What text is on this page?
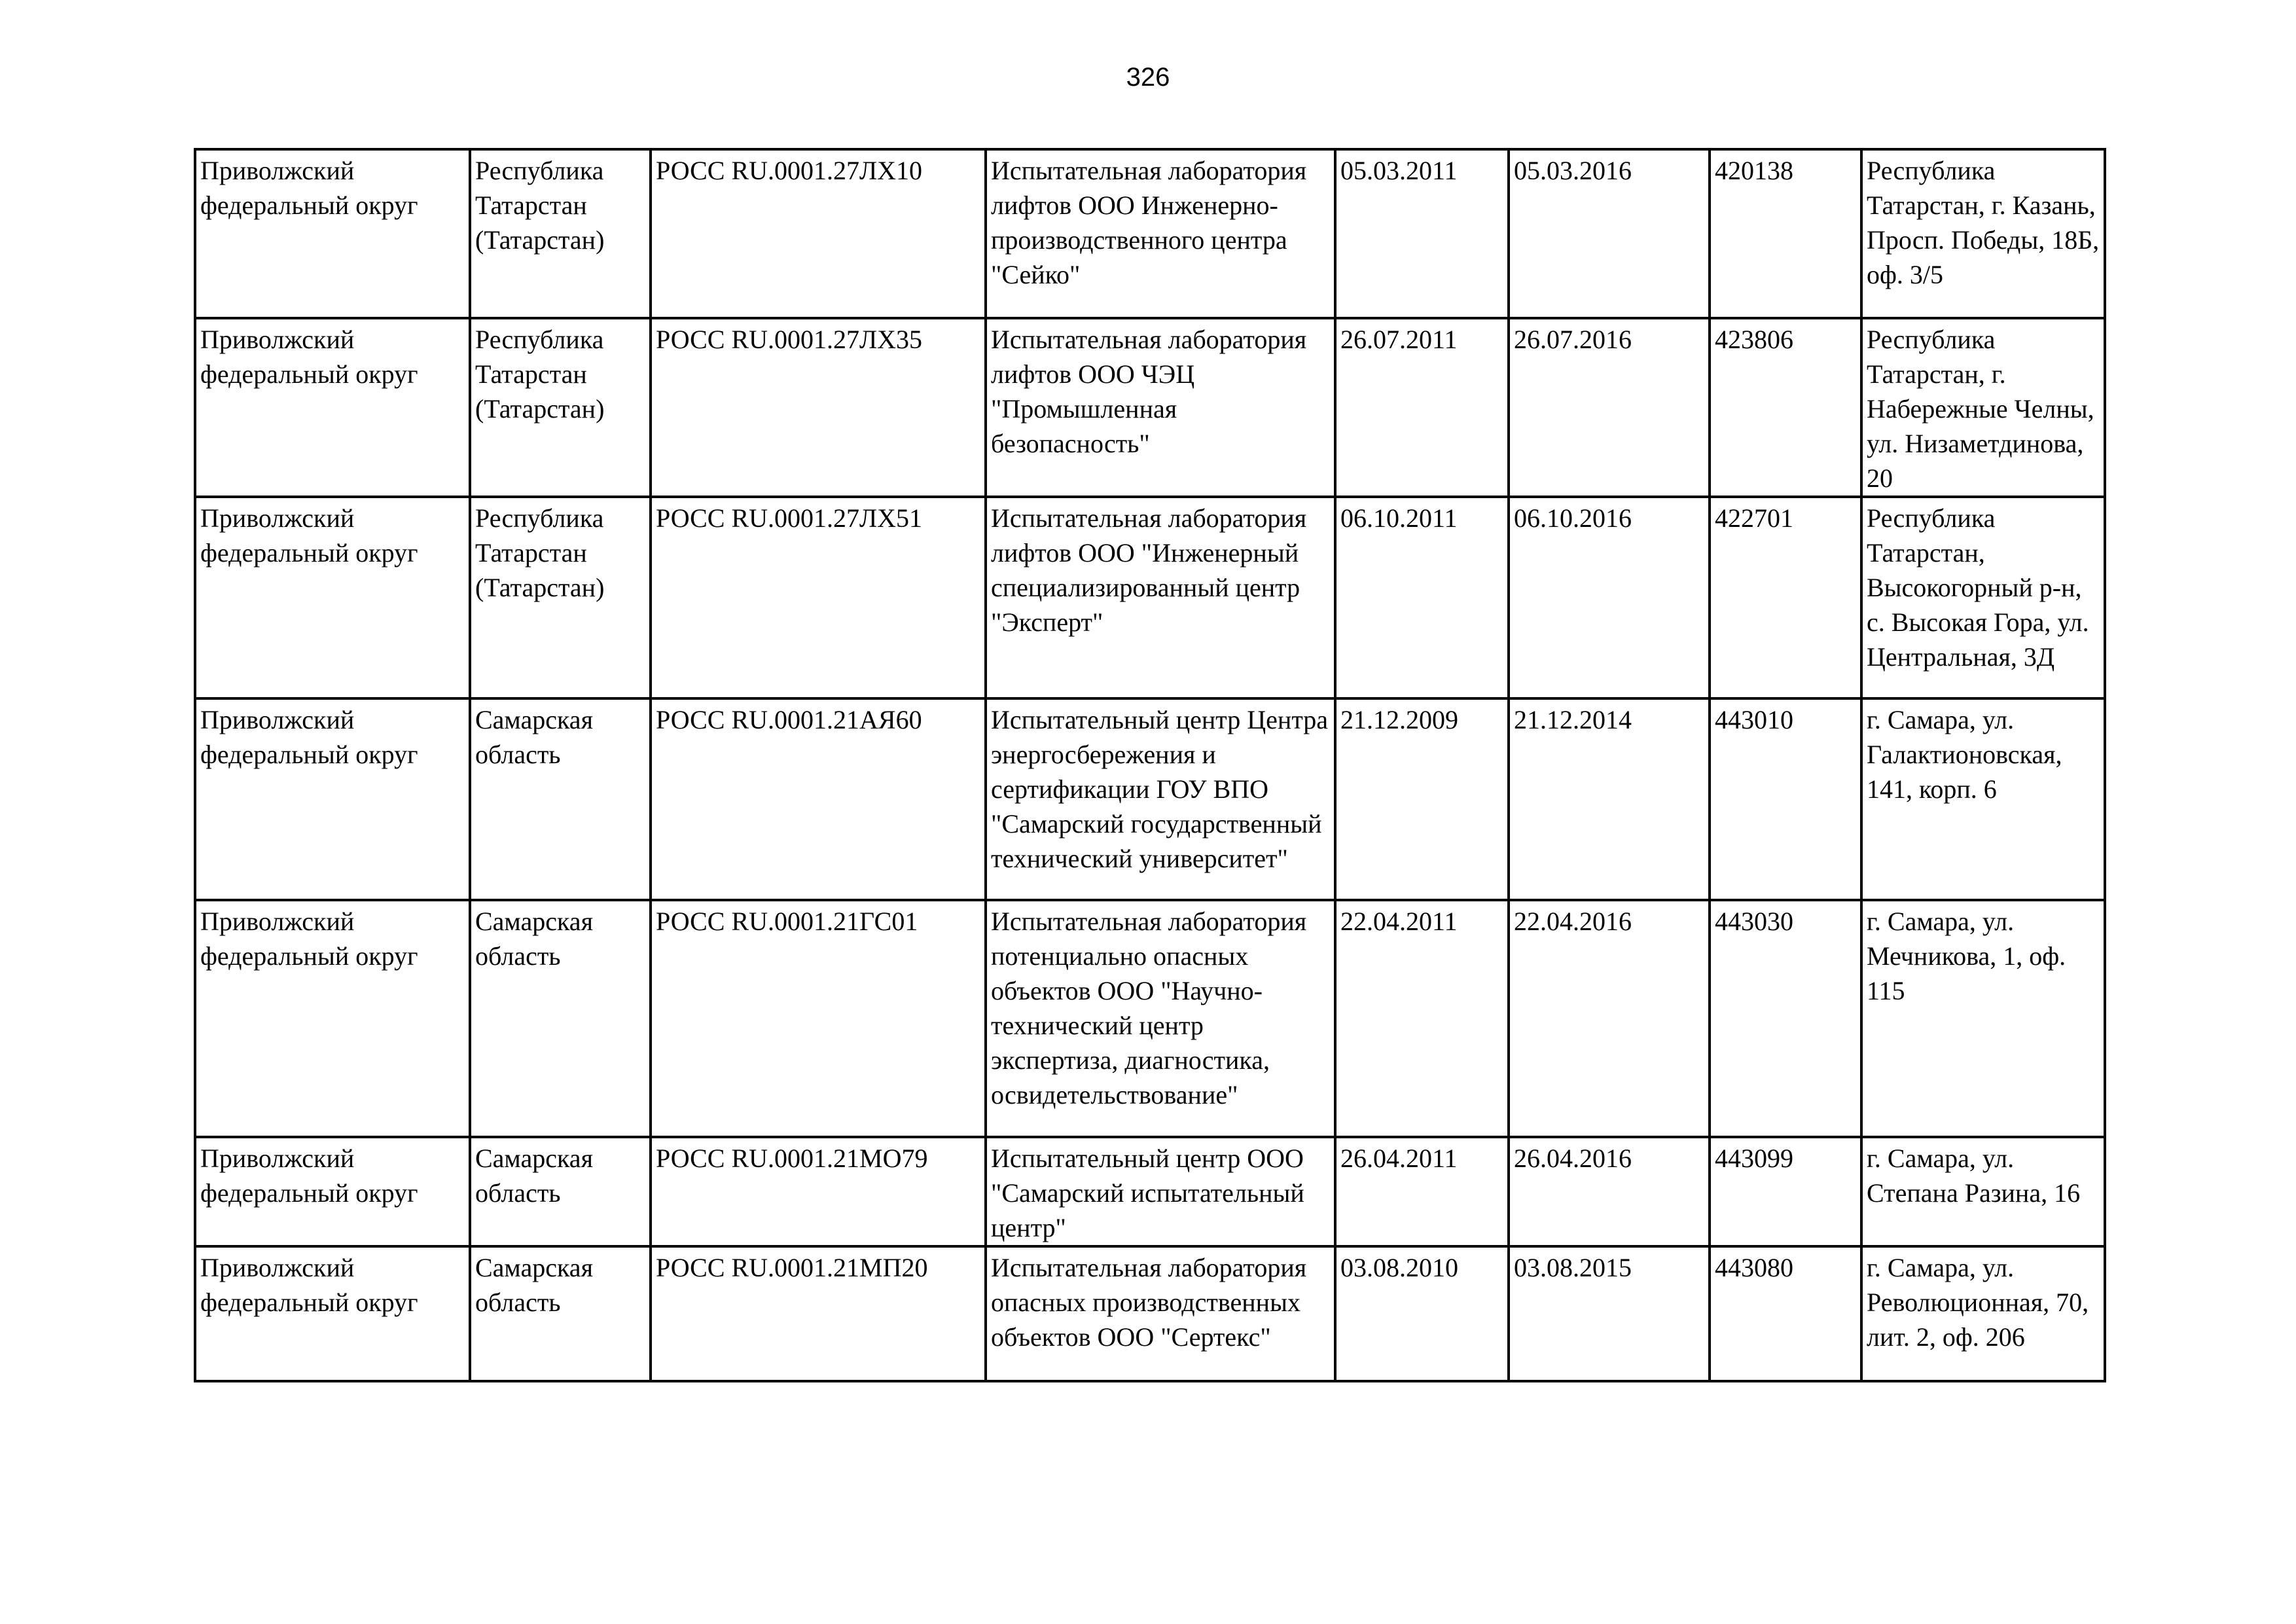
326
Приволжский федеральный округ	Республика Татарстан (Татарстан)	РОСС RU.0001.27ЛХ10	Испытательная лаборатория лифтов ООО Инженерно-производственного центра "Сейко"	05.03.2011	05.03.2016	420138	Республика Татарстан, г. Казань, Просп. Победы, 18Б, оф. 3/5
Приволжский федеральный округ	Республика Татарстан (Татарстан)	РОСС RU.0001.27ЛХ35	Испытательная лаборатория лифтов ООО ЧЭЦ "Промышленная безопасность"	26.07.2011	26.07.2016	423806	Республика Татарстан, г. Набережные Челны, ул. Низаметдинова, 20
Приволжский федеральный округ	Республика Татарстан (Татарстан)	РОСС RU.0001.27ЛХ51	Испытательная лаборатория лифтов ООО "Инженерный специализированный центр "Эксперт"	06.10.2011	06.10.2016	422701	Республика Татарстан, Высокогорный р-н, с. Высокая Гора, ул. Центральная, 3Д
Приволжский федеральный округ	Самарская область	РОСС RU.0001.21АЯ60	Испытательный центр Центра энергосбережения и сертификации ГОУ ВПО "Самарский государственный технический университет"	21.12.2009	21.12.2014	443010	г. Самара, ул. Галактионовская, 141, корп. 6
Приволжский федеральный округ	Самарская область	РОСС RU.0001.21ГС01	Испытательная лаборатория потенциально опасных объектов ООО "Научно-технический центр экспертиза, диагностика, освидетельствование"	22.04.2011	22.04.2016	443030	г. Самара, ул. Мечникова, 1, оф. 115
Приволжский федеральный округ	Самарская область	РОСС RU.0001.21МО79	Испытательный центр ООО "Самарский испытательный центр"	26.04.2011	26.04.2016	443099	г. Самара, ул. Степана Разина, 16
Приволжский федеральный округ	Самарская область	РОСС RU.0001.21МП20	Испытательная лаборатория опасных производственных объектов ООО "Сертекс"	03.08.2010	03.08.2015	443080	г. Самара, ул. Революционная, 70, лит. 2, оф. 206
